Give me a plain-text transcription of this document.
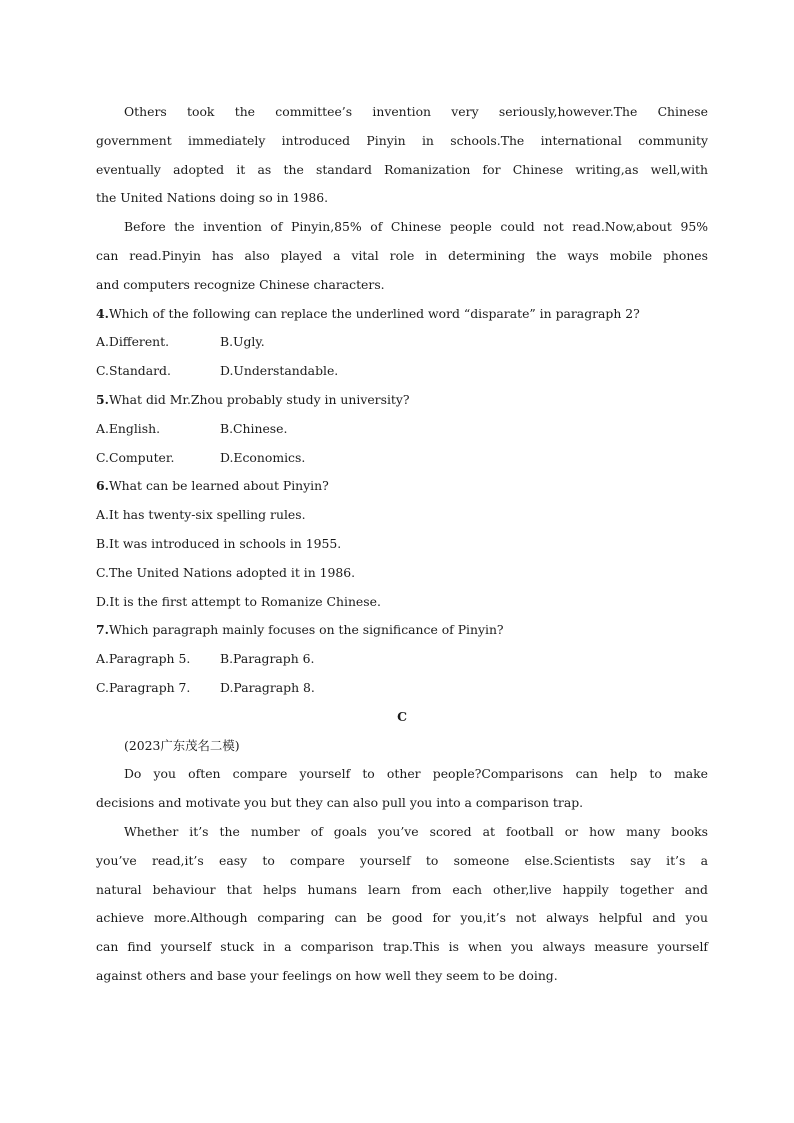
Others took the committee’s invention very seriously,however.The Chinese
government immediately introduced Pinyin in schools.The international community
eventually adopted it as the standard Romanization for Chinese writing,as well,with
the United Nations doing so in 1986.
Before the invention of Pinyin,85% of Chinese people could not read.Now,about 95%
can read.Pinyin has also played a vital role in determining the ways mobile phones
and computers recognize Chinese characters.
4.Which of the following can replace the underlined word “disparate” in paragraph 2?
A.Different.	B.Ugly.
C.Standard.	D.Understandable.
5.What did Mr.Zhou probably study in university?
A.English.	B.Chinese.
C.Computer.	D.Economics.
6.What can be learned about Pinyin?
A.It has twenty-six spelling rules.
B.It was introduced in schools in 1955.
C.The United Nations adopted it in 1986.
D.It is the first attempt to Romanize Chinese.
7.Which paragraph mainly focuses on the significance of Pinyin?
A.Paragraph 5.	B.Paragraph 6.
C.Paragraph 7.	D.Paragraph 8.
C
(2023广东茂名二模)
Do you often compare yourself to other people?Comparisons can help to make
decisions and motivate you but they can also pull you into a comparison trap.
Whether it’s the number of goals you’ve scored at football or how many books
you’ve read,it’s easy to compare yourself to someone else.Scientists say it’s a
natural behaviour that helps humans learn from each other,live happily together and
achieve more.Although comparing can be good for you,it’s not always helpful and you
can find yourself stuck in a comparison trap.This is when you always measure yourself
against others and base your feelings on how well they seem to be doing.
